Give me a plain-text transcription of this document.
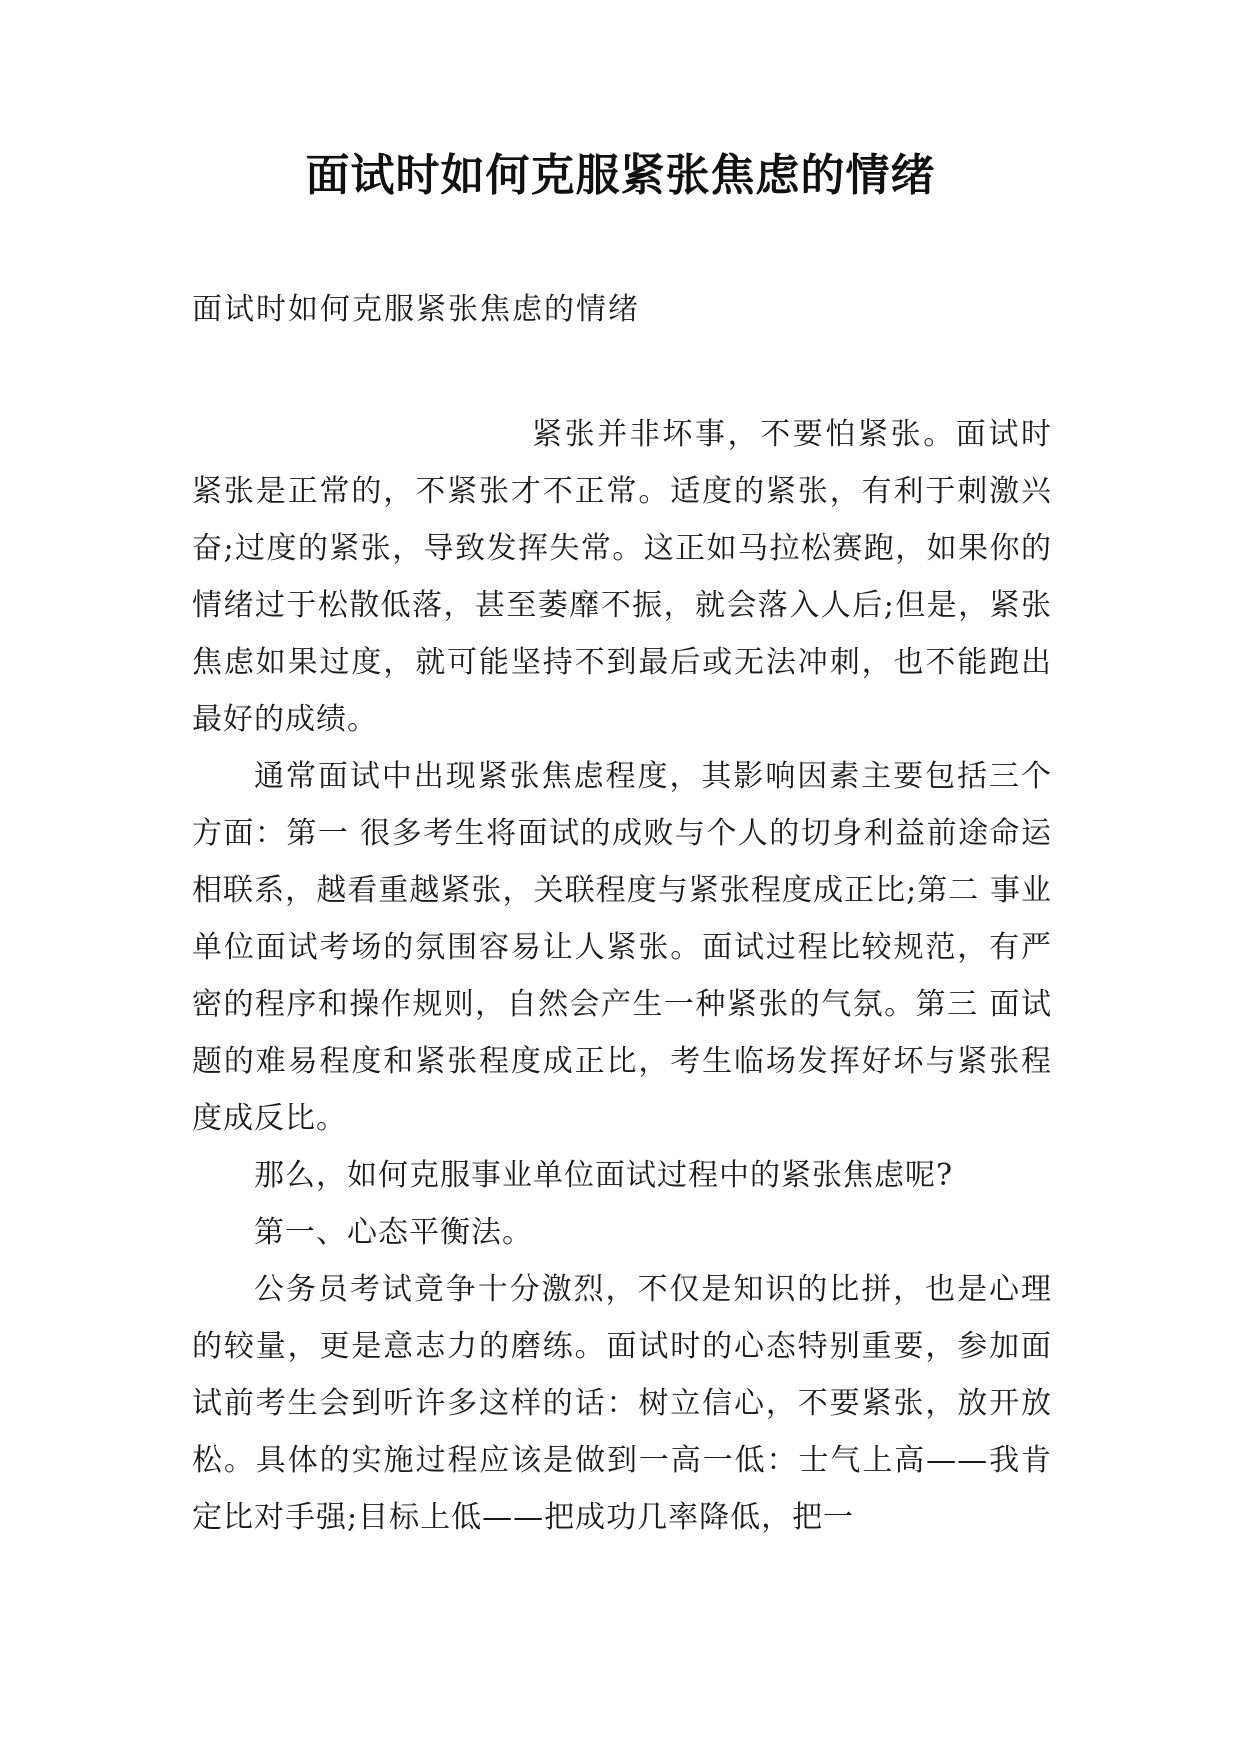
面试时如何克服紧张焦虑的情绪

面试时如何克服紧张焦虑的情绪

紧张并非坏事，不要怕紧张。面试时紧张是正常的，不紧张才不正常。适度的紧张，有利于刺激兴奋;过度的紧张，导致发挥失常。这正如马拉松赛跑，如果你的情绪过于松散低落，甚至萎靡不振，就会落入人后;但是，紧张焦虑如果过度，就可能坚持不到最后或无法冲刺，也不能跑出最好的成绩。

通常面试中出现紧张焦虑程度，其影响因素主要包括三个方面：第一 很多考生将面试的成败与个人的切身利益前途命运相联系，越看重越紧张，关联程度与紧张程度成正比;第二 事业单位面试考场的氛围容易让人紧张。面试过程比较规范，有严密的程序和操作规则，自然会产生一种紧张的气氛。第三 面试题的难易程度和紧张程度成正比，考生临场发挥好坏与紧张程度成反比。

那么，如何克服事业单位面试过程中的紧张焦虑呢?

第一、心态平衡法。

公务员考试竟争十分激烈，不仅是知识的比拼，也是心理的较量，更是意志力的磨练。面试时的心态特别重要，参加面试前考生会到听许多这样的话：树立信心，不要紧张，放开放松。具体的实施过程应该是做到一高一低：士气上高——我肯定比对手强;目标上低——把成功几率降低，把一
